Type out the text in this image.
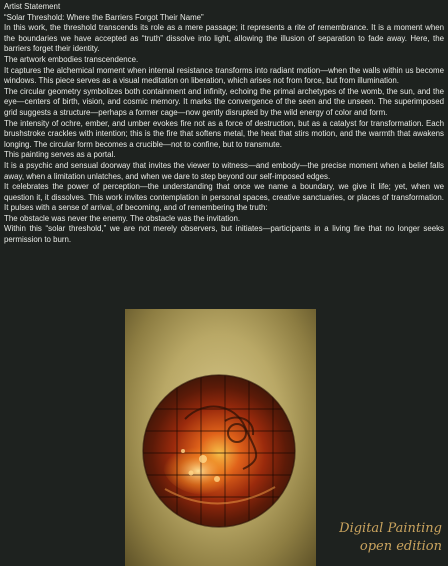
Artist Statement

“Solar Threshold: Where the Barriers Forgot Their Name”

In this work, the threshold transcends its role as a mere passage; it represents a rite of remembrance. It is a moment when the boundaries we have accepted as “truth” dissolve into light, allowing the illusion of separation to fade away. Here, the barriers forget their identity.

The artwork embodies transcendence.

It captures the alchemical moment when internal resistance transforms into radiant motion—when the walls within us become windows. This piece serves as a visual meditation on liberation, which arises not from force, but from illumination.

The circular geometry symbolizes both containment and infinity, echoing the primal archetypes of the womb, the sun, and the eye—centers of birth, vision, and cosmic memory. It marks the convergence of the seen and the unseen. The superimposed grid suggests a structure—perhaps a former cage—now gently disrupted by the wild energy of color and form.

The intensity of ochre, ember, and umber evokes fire not as a force of destruction, but as a catalyst for transformation. Each brushstroke crackles with intention; this is the fire that softens metal, the heat that stirs motion, and the warmth that awakens longing. The circular form becomes a crucible—not to confine, but to transmute.

This painting serves as a portal.

It is a psychic and sensual doorway that invites the viewer to witness—and embody—the precise moment when a belief falls away, when a limitation unlatches, and when we dare to step beyond our self-imposed edges.

It celebrates the power of perception—the understanding that once we name a boundary, we give it life; yet, when we question it, it dissolves. This work invites contemplation in personal spaces, creative sanctuaries, or places of transformation. It pulses with a sense of arrival, of becoming, and of remembering the truth:

The obstacle was never the enemy. The obstacle was the invitation.

Within this “solar threshold,” we are not merely observers, but initiates—participants in a living fire that no longer seeks permission to burn.

Digital Painting
open edition
